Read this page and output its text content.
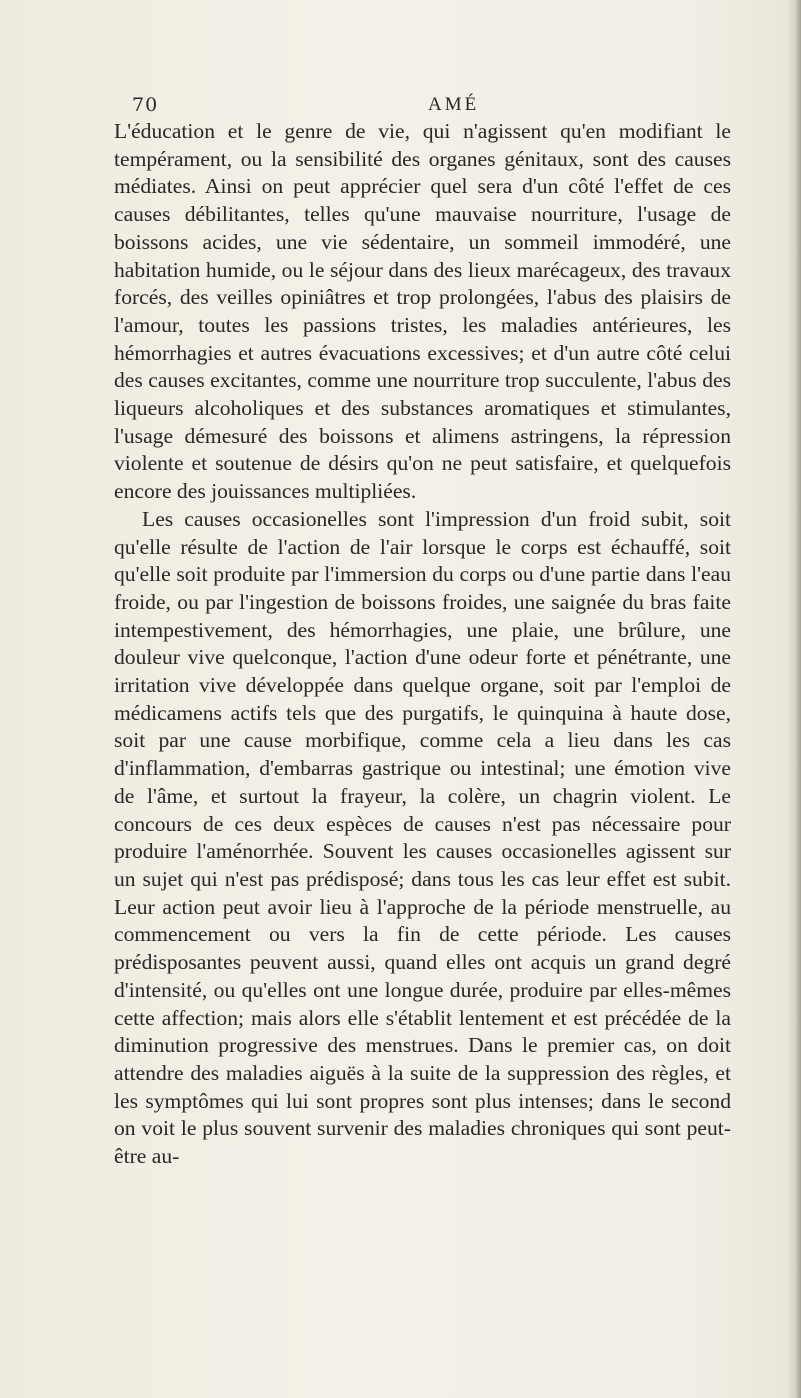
70	AMÉ

L'éducation et le genre de vie, qui n'agissent qu'en modifiant le tempérament, ou la sensibilité des organes génitaux, sont des causes médiates. Ainsi on peut apprécier quel sera d'un côté l'effet de ces causes débilitantes, telles qu'une mauvaise nourriture, l'usage de boissons acides, une vie sédentaire, un sommeil immodéré, une habitation humide, ou le séjour dans des lieux marécageux, des travaux forcés, des veilles opiniâtres et trop prolongées, l'abus des plaisirs de l'amour, toutes les passions tristes, les maladies antérieures, les hémorrhagies et autres évacuations excessives; et d'un autre côté celui des causes excitantes, comme une nourriture trop succulente, l'abus des liqueurs alcoholiques et des substances aromatiques et stimulantes, l'usage démesuré des boissons et alimens astringens, la répression violente et soutenue de désirs qu'on ne peut satisfaire, et quelquefois encore des jouissances multipliées.

Les causes occasionelles sont l'impression d'un froid subit, soit qu'elle résulte de l'action de l'air lorsque le corps est échauffé, soit qu'elle soit produite par l'immersion du corps ou d'une partie dans l'eau froide, ou par l'ingestion de boissons froides, une saignée du bras faite intempestivement, des hémorrhagies, une plaie, une brûlure, une douleur vive quelconque, l'action d'une odeur forte et pénétrante, une irritation vive développée dans quelque organe, soit par l'emploi de médicamens actifs tels que des purgatifs, le quinquina à haute dose, soit par une cause morbifique, comme cela a lieu dans les cas d'inflammation, d'embarras gastrique ou intestinal; une émotion vive de l'âme, et surtout la frayeur, la colère, un chagrin violent. Le concours de ces deux espèces de causes n'est pas nécessaire pour produire l'aménorrhée. Souvent les causes occasionelles agissent sur un sujet qui n'est pas prédisposé; dans tous les cas leur effet est subit. Leur action peut avoir lieu à l'approche de la période menstruelle, au commencement ou vers la fin de cette période. Les causes prédisposantes peuvent aussi, quand elles ont acquis un grand degré d'intensité, ou qu'elles ont une longue durée, produire par elles-mêmes cette affection; mais alors elle s'établit lentement et est précédée de la diminution progressive des menstrues. Dans le premier cas, on doit attendre des maladies aiguës à la suite de la suppression des règles, et les symptômes qui lui sont propres sont plus intenses; dans le second on voit le plus souvent survenir des maladies chroniques qui sont peut-être au-
